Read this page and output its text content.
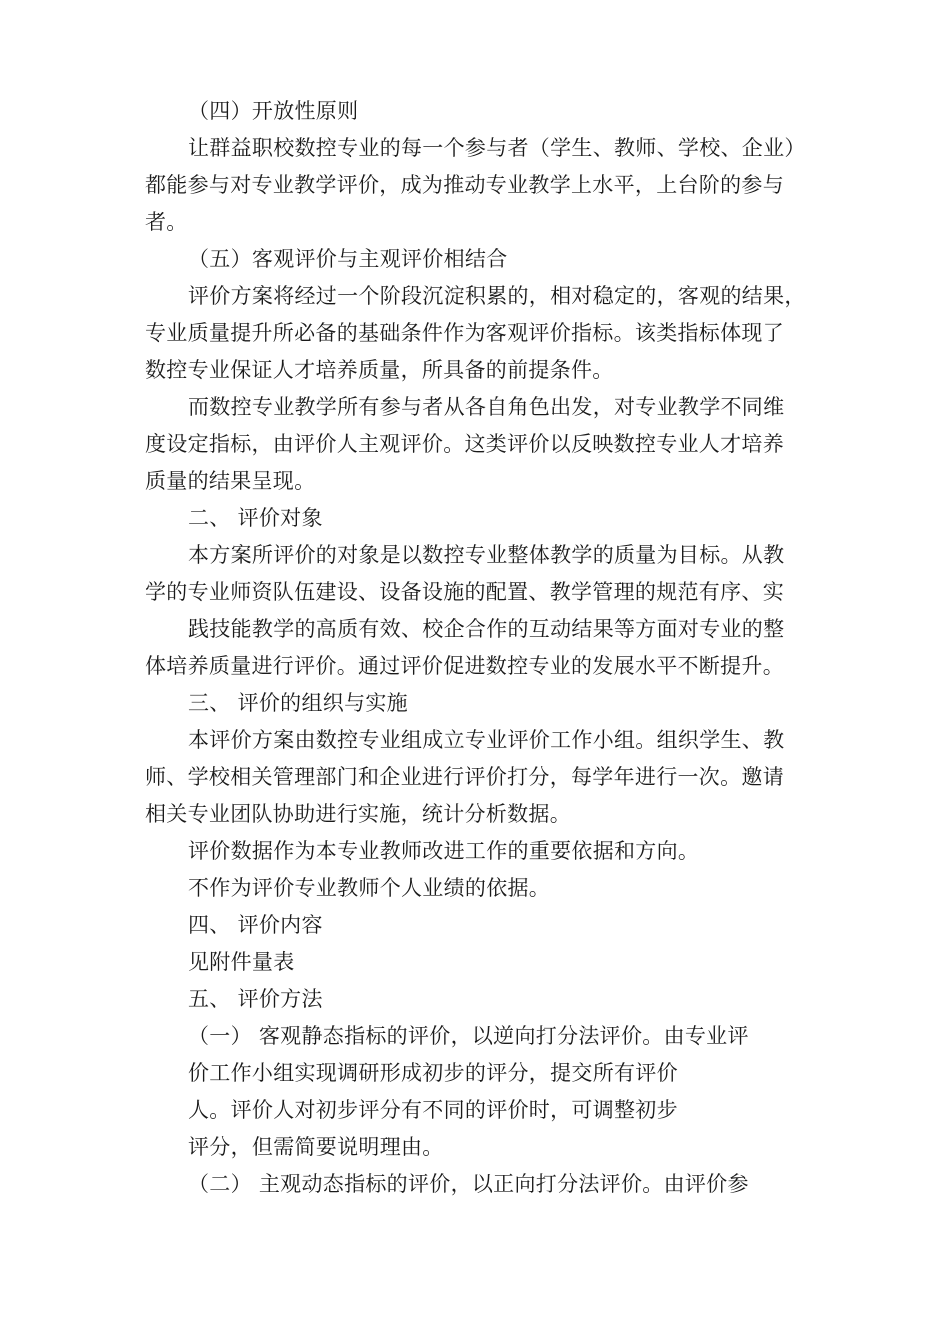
（四）开放性原则
让群益职校数控专业的每一个参与者（学生、教师、学校、企业）
都能参与对专业教学评价，成为推动专业教学上水平，上台阶的参与
者。
（五）客观评价与主观评价相结合
评价方案将经过一个阶段沉淀积累的，相对稳定的，客观的结果，
专业质量提升所必备的基础条件作为客观评价指标。该类指标体现了
数控专业保证人才培养质量，所具备的前提条件。
而数控专业教学所有参与者从各自角色出发，对专业教学不同维
度设定指标，由评价人主观评价。这类评价以反映数控专业人才培养
质量的结果呈现。
二、 评价对象
本方案所评价的对象是以数控专业整体教学的质量为目标。从教
学的专业师资队伍建设、设备设施的配置、教学管理的规范有序、实
践技能教学的高质有效、校企合作的互动结果等方面对专业的整
体培养质量进行评价。通过评价促进数控专业的发展水平不断提升。
三、 评价的组织与实施
本评价方案由数控专业组成立专业评价工作小组。组织学生、教
师、学校相关管理部门和企业进行评价打分，每学年进行一次。邀请
相关专业团队协助进行实施，统计分析数据。
评价数据作为本专业教师改进工作的重要依据和方向。
不作为评价专业教师个人业绩的依据。
四、 评价内容
见附件量表
五、 评价方法
（一） 客观静态指标的评价，以逆向打分法评价。由专业评
价工作小组实现调研形成初步的评分，提交所有评价
人。评价人对初步评分有不同的评价时，可调整初步
评分，但需简要说明理由。
（二） 主观动态指标的评价，以正向打分法评价。由评价参
